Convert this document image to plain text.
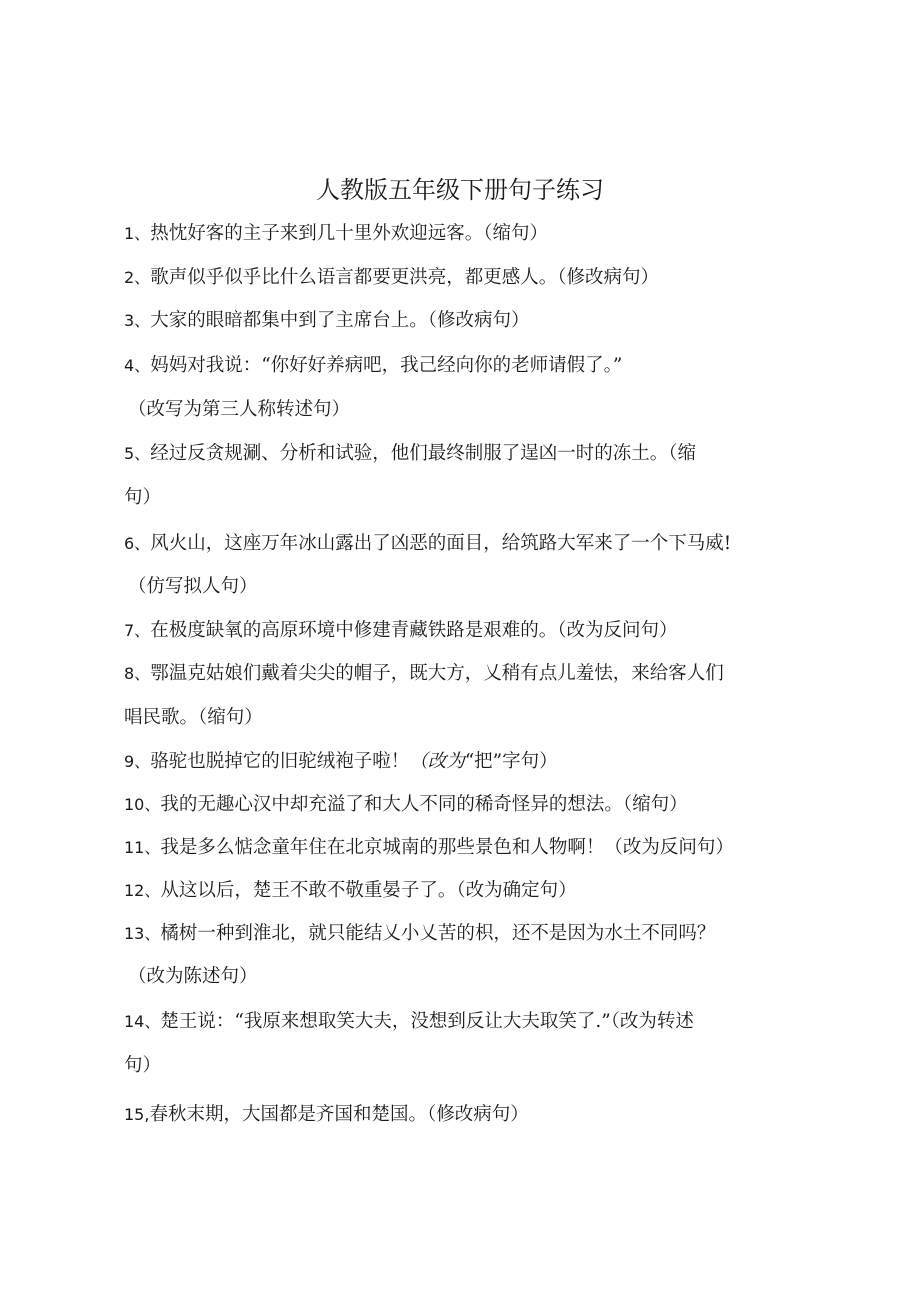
人教版五年级下册句子练习
1、热忱好客的主子来到几十里外欢迎远客。（缩句）
2、歌声似乎似乎比什么语言都要更洪亮，都更感人。（修改病句）
3、大家的眼暗都集中到了主席台上。（修改病句）
4、妈妈对我说：“你好好养病吧，我己经向你的老师请假了。”
（改写为第三人称转述句）
5、经过反贪规涮、分析和试验，他们最终制服了逞凶一时的冻土。（缩
句）
6、风火山，这座万年冰山露出了凶恶的面目，给筑路大军来了一个下马威!
（仿写拟人句）
7、在极度缺氧的高原环境中修建青藏铁路是艰难的。（改为反问句）
8、鄂温克姑娘们戴着尖尖的帽子，既大方，乂稍有点儿羞怯，来给客人们
唱民歌。（缩句）
9、骆驼也脱掉它的旧驼绒袍子啦！（改为“把”字句）
10、我的无趣心汉中却充溢了和大人不同的稀奇怪异的想法。（缩句）
11、我是多么惦念童年住在北京城南的那些景色和人物啊！（改为反问句）
12、从这以后，楚王不敢不敬重晏子了。（改为确定句）
13、橘树一种到淮北，就只能结乂小乂苦的枳，还不是因为水土不同吗？
（改为陈述句）
14、楚王说：“我原来想取笑大夫，没想到反让大夫取笑了.”（改为转述
句）
15,春秋末期，大国都是齐国和楚国。（修改病句）
